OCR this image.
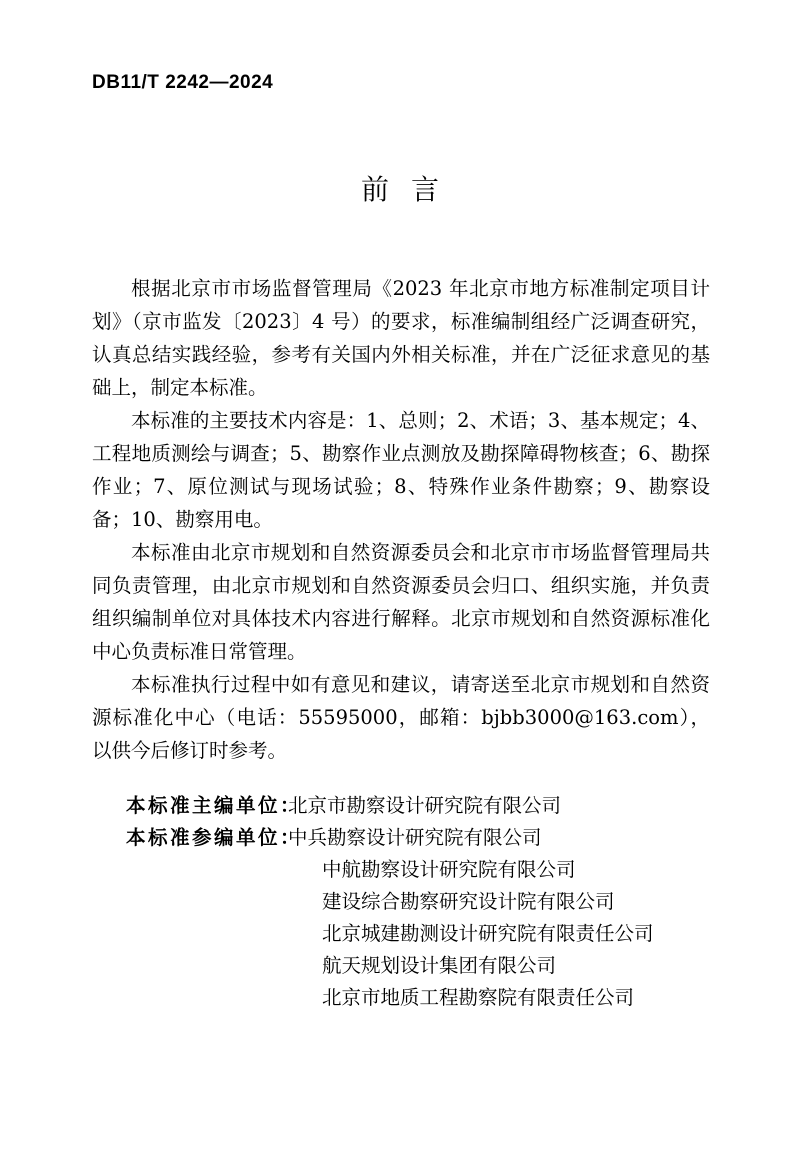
DB11/T 2242—2024
前言

根据北京市市场监督管理局《2023 年北京市地方标准制定项目计划》（京市监发〔2023〕4 号）的要求，标准编制组经广泛调查研究，认真总结实践经验，参考有关国内外相关标准，并在广泛征求意见的基础上，制定本标准。

本标准的主要技术内容是：1、总则；2、术语；3、基本规定；4、工程地质测绘与调查；5、勘察作业点测放及勘探障碍物核查；6、勘探作业；7、原位测试与现场试验；8、特殊作业条件勘察；9、勘察设备；10、勘察用电。

本标准由北京市规划和自然资源委员会和北京市市场监督管理局共同负责管理，由北京市规划和自然资源委员会归口、组织实施，并负责组织编制单位对具体技术内容进行解释。北京市规划和自然资源标准化中心负责标准日常管理。

本标准执行过程中如有意见和建议，请寄送至北京市规划和自然资源标准化中心（电话：55595000，邮箱：bjbb3000@163.com），以供今后修订时参考。

本标准主编单位：
北京市勘察设计研究院有限公司
本标准参编单位：
中兵勘察设计研究院有限公司
中航勘察设计研究院有限公司
建设综合勘察研究设计院有限公司
北京城建勘测设计研究院有限责任公司
航天规划设计集团有限公司
北京市地质工程勘察院有限责任公司
